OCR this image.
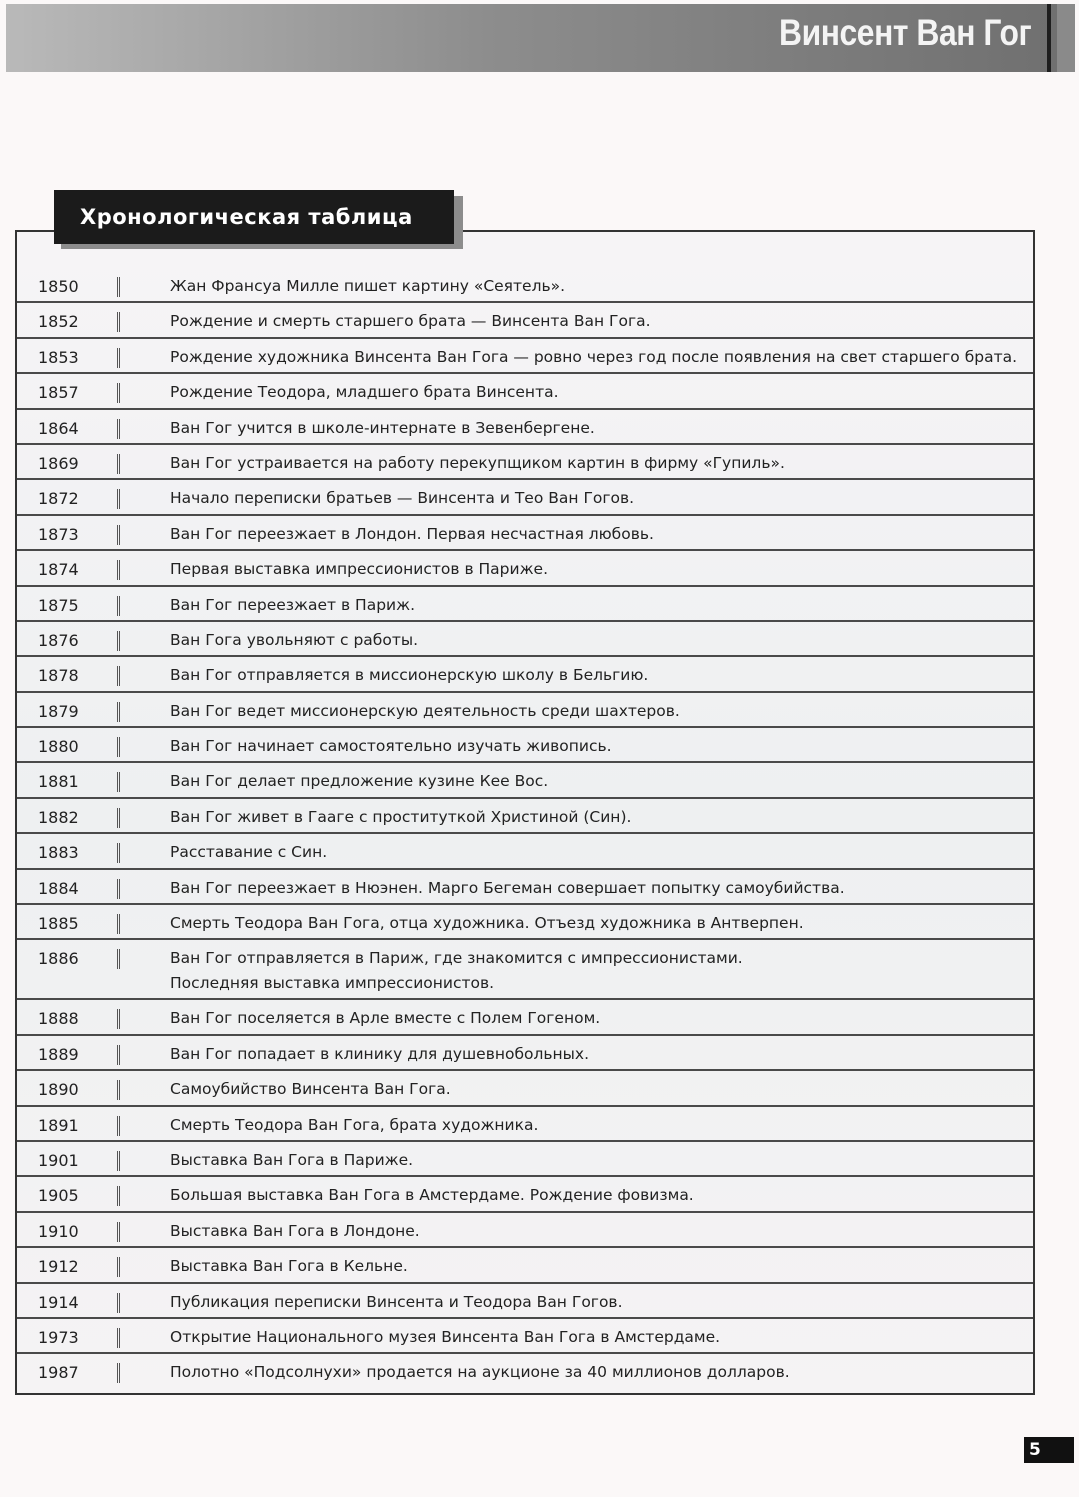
Винсент Ван Гог
Хронологическая таблица
1850	Жан Франсуа Милле пишет картину «Сеятель».
1852	Рождение и смерть старшего брата — Винсента Ван Гога.
1853	Рождение художника Винсента Ван Гога — ровно через год после появления на свет старшего брата.
1857	Рождение Теодора, младшего брата Винсента.
1864	Ван Гог учится в школе-интернате в Зевенбергене.
1869	Ван Гог устраивается на работу перекупщиком картин в фирму «Гупиль».
1872	Начало переписки братьев — Винсента и Тео Ван Гогов.
1873	Ван Гог переезжает в Лондон. Первая несчастная любовь.
1874	Первая выставка импрессионистов в Париже.
1875	Ван Гог переезжает в Париж.
1876	Ван Гога увольняют с работы.
1878	Ван Гог отправляется в миссионерскую школу в Бельгию.
1879	Ван Гог ведет миссионерскую деятельность среди шахтеров.
1880	Ван Гог начинает самостоятельно изучать живопись.
1881	Ван Гог делает предложение кузине Кее Вос.
1882	Ван Гог живет в Гааге с проституткой Христиной (Син).
1883	Расставание с Син.
1884	Ван Гог переезжает в Нюэнен. Марго Бегеман совершает попытку самоубийства.
1885	Смерть Теодора Ван Гога, отца художника. Отъезд художника в Антверпен.
1886	Ван Гог отправляется в Париж, где знакомится с импрессионистами.
Последняя выставка импрессионистов.
1888	Ван Гог поселяется в Арле вместе с Полем Гогеном.
1889	Ван Гог попадает в клинику для душевнобольных.
1890	Самоубийство Винсента Ван Гога.
1891	Смерть Теодора Ван Гога, брата художника.
1901	Выставка Ван Гога в Париже.
1905	Большая выставка Ван Гога в Амстердаме. Рождение фовизма.
1910	Выставка Ван Гога в Лондоне.
1912	Выставка Ван Гога в Кельне.
1914	Публикация переписки Винсента и Теодора Ван Гогов.
1973	Открытие Национального музея Винсента Ван Гога в Амстердаме.
1987	Полотно «Подсолнухи» продается на аукционе за 40 миллионов долларов.
5
